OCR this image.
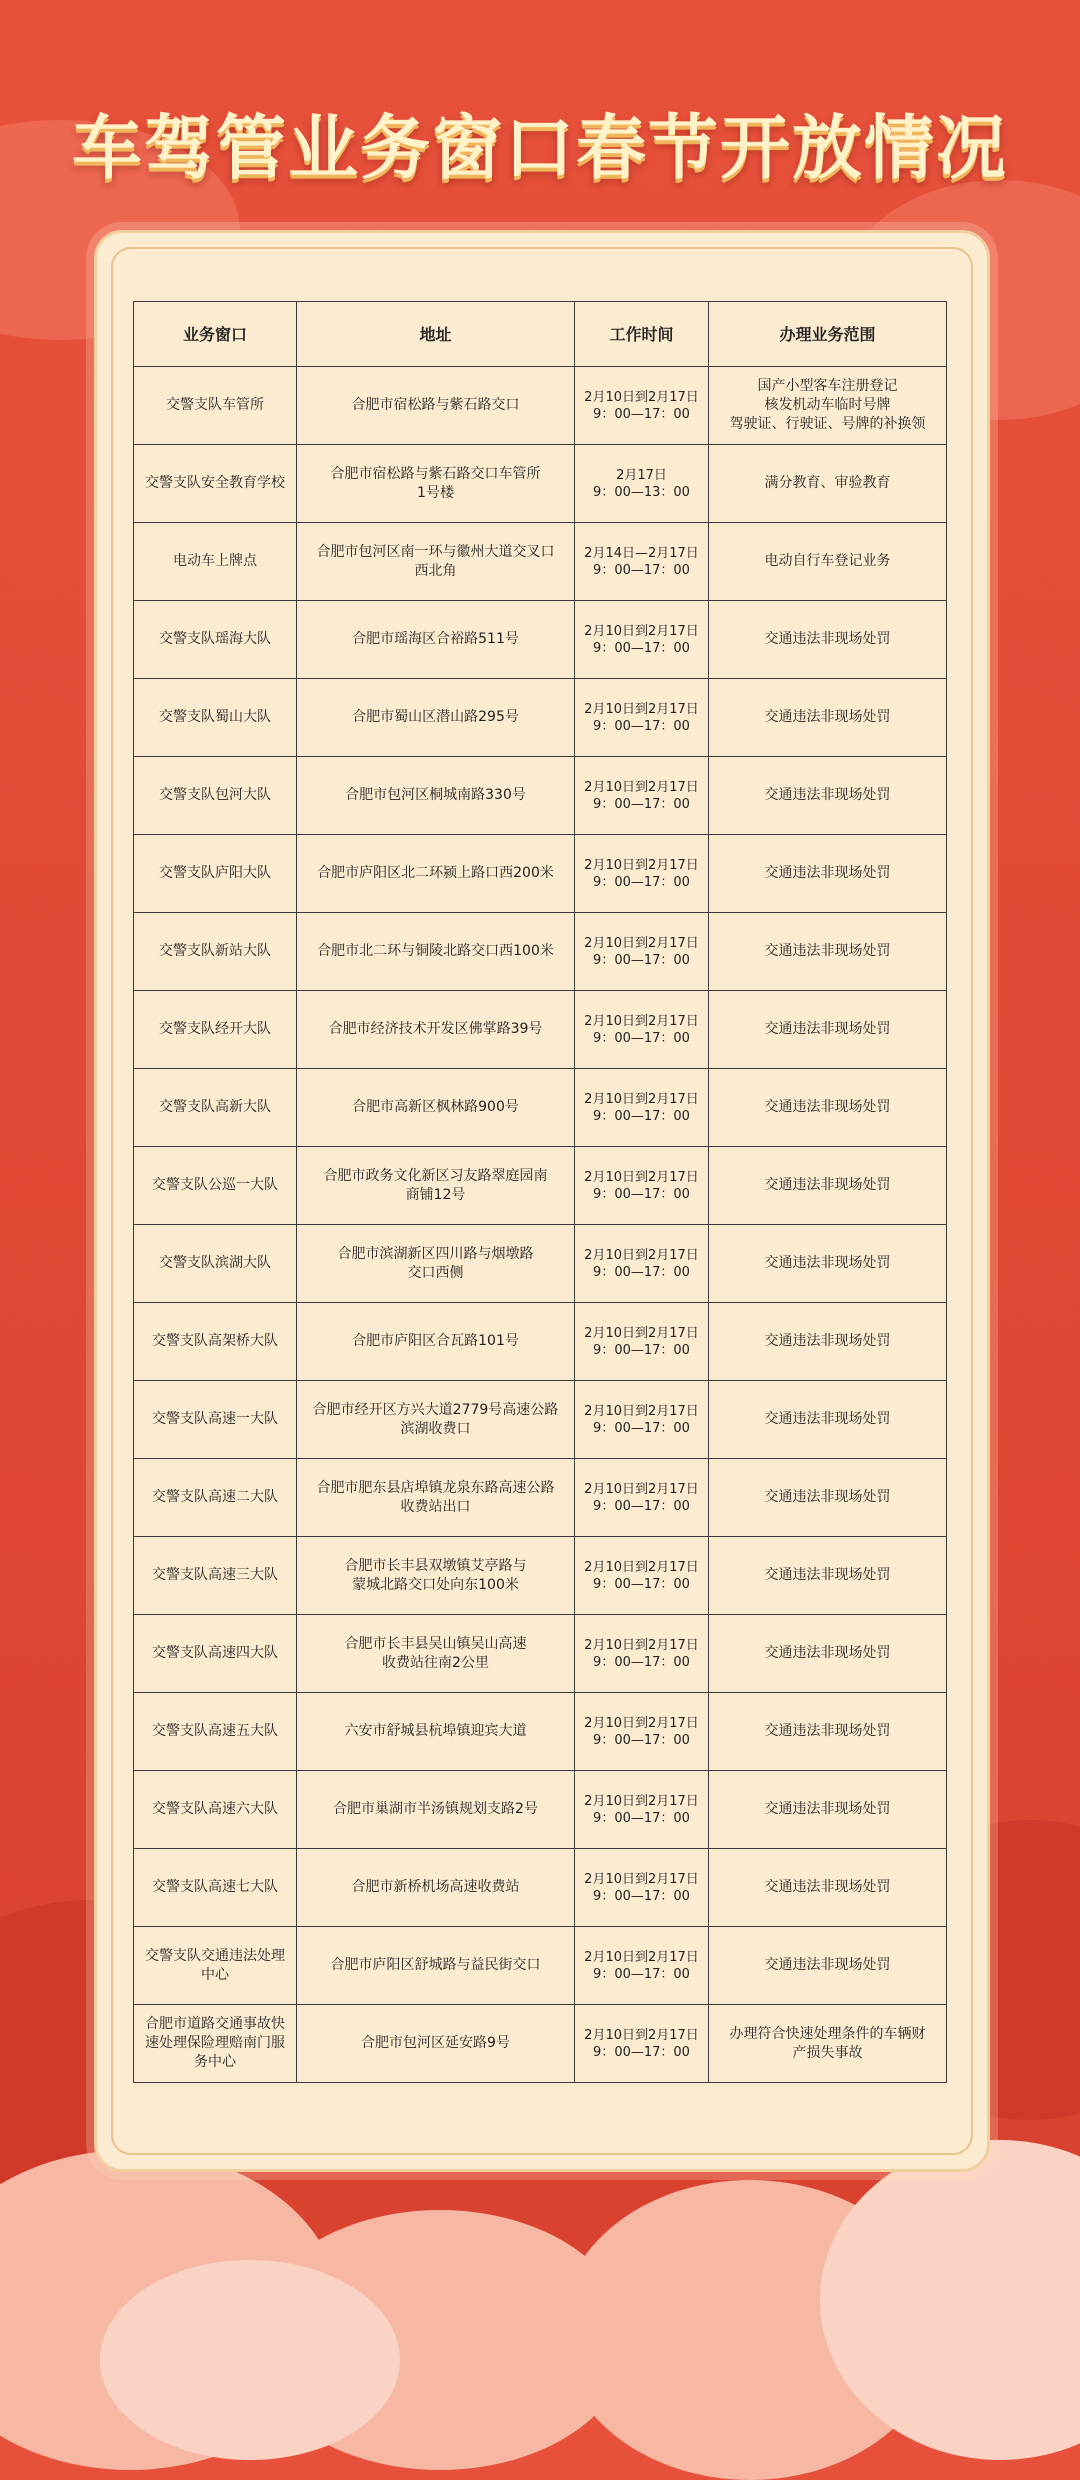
车驾管业务窗口春节开放情况
业务窗口	地址	工作时间	办理业务范围

交警支队车管所	合肥市宿松路与紫石路交口	2月10日到2月17日
9：00—17：00	国产小型客车注册登记
核发机动车临时号牌
驾驶证、行驶证、号牌的补换领

交警支队安全教育学校	合肥市宿松路与紫石路交口车管所
1号楼	2月17日
9：00—13：00	满分教育、审验教育

电动车上牌点	合肥市包河区南一环与徽州大道交叉口
西北角	2月14日—2月17日
9：00—17：00	电动自行车登记业务

交警支队瑶海大队	合肥市瑶海区合裕路511号	2月10日到2月17日
9：00—17：00	交通违法非现场处罚

交警支队蜀山大队	合肥市蜀山区潜山路295号	2月10日到2月17日
9：00—17：00	交通违法非现场处罚

交警支队包河大队	合肥市包河区桐城南路330号	2月10日到2月17日
9：00—17：00	交通违法非现场处罚

交警支队庐阳大队	合肥市庐阳区北二环颍上路口西200米	2月10日到2月17日
9：00—17：00	交通违法非现场处罚

交警支队新站大队	合肥市北二环与铜陵北路交口西100米	2月10日到2月17日
9：00—17：00	交通违法非现场处罚

交警支队经开大队	合肥市经济技术开发区佛掌路39号	2月10日到2月17日
9：00—17：00	交通违法非现场处罚

交警支队高新大队	合肥市高新区枫林路900号	2月10日到2月17日
9：00—17：00	交通违法非现场处罚

交警支队公巡一大队	合肥市政务文化新区习友路翠庭园南
商铺12号	2月10日到2月17日
9：00—17：00	交通违法非现场处罚

交警支队滨湖大队	合肥市滨湖新区四川路与烟墩路
交口西侧	2月10日到2月17日
9：00—17：00	交通违法非现场处罚

交警支队高架桥大队	合肥市庐阳区合瓦路101号	2月10日到2月17日
9：00—17：00	交通违法非现场处罚

交警支队高速一大队	合肥市经开区方兴大道2779号高速公路
滨湖收费口	2月10日到2月17日
9：00—17：00	交通违法非现场处罚

交警支队高速二大队	合肥市肥东县店埠镇龙泉东路高速公路
收费站出口	2月10日到2月17日
9：00—17：00	交通违法非现场处罚

交警支队高速三大队	合肥市长丰县双墩镇艾亭路与
蒙城北路交口处向东100米	2月10日到2月17日
9：00—17：00	交通违法非现场处罚

交警支队高速四大队	合肥市长丰县吴山镇吴山高速
收费站往南2公里	2月10日到2月17日
9：00—17：00	交通违法非现场处罚

交警支队高速五大队	六安市舒城县杭埠镇迎宾大道	2月10日到2月17日
9：00—17：00	交通违法非现场处罚

交警支队高速六大队	合肥市巢湖市半汤镇规划支路2号	2月10日到2月17日
9：00—17：00	交通违法非现场处罚

交警支队高速七大队	合肥市新桥机场高速收费站	2月10日到2月17日
9：00—17：00	交通违法非现场处罚

交警支队交通违法处理
中心	合肥市庐阳区舒城路与益民街交口	2月10日到2月17日
9：00—17：00	交通违法非现场处罚

合肥市道路交通事故快
速处理保险理赔南门服
务中心	合肥市包河区延安路9号	2月10日到2月17日
9：00—17：00	办理符合快速处理条件的车辆财
产损失事故
